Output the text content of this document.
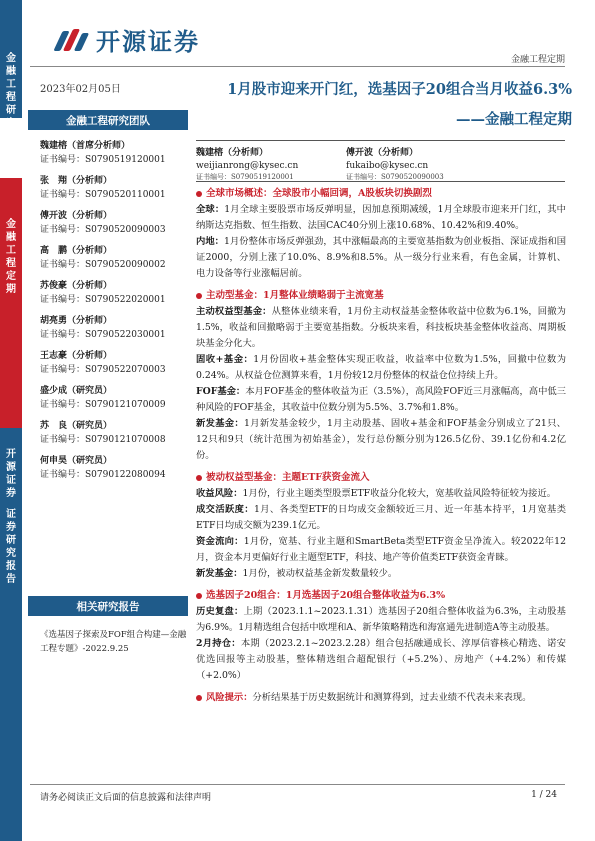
金
融
工
程
研
金
融
工
程
定
期
开
源
证
券
证
券
研
究
报
告
开源证券
金融工程定期
2023年02月05日
金融工程研究团队
魏建榕（首席分析师）
证书编号：S0790519120001
张　翔（分析师）
证书编号：S0790520110001
傅开波（分析师）
证书编号：S0790520090003
高　鹏（分析师）
证书编号：S0790520090002
苏俊豪（分析师）
证书编号：S0790522020001
胡亮勇（分析师）
证书编号：S0790522030001
王志豪（分析师）
证书编号：S0790522070003
盛少成（研究员）
证书编号：S0790121070009
苏　良（研究员）
证书编号：S0790121070008
何申昊（研究员）
证书编号：S0790122080094
相关研究报告
《选基因子探索及FOF组合构建—金融工程专题》-2022.9.25
1月股市迎来开门红，选基因子20组合当月收益6.3%
——金融工程定期
魏建榕（分析师）
weijianrong@kysec.cn
证书编号：S0790519120001
傅开波（分析师）
fukaibo@kysec.cn
证书编号：S0790520090003
全球市场概述：全球股市小幅回调，A股板块切换剧烈
全球：1月全球主要股票市场反弹明显，因加息预期减缓，1月全球股市迎来开门红，其中纳斯达克指数、恒生指数、法国CAC40分别上涨10.68%、10.42%和9.40%。
内地：1月份整体市场反弹强劲，其中涨幅最高的主要宽基指数为创业板指、深证成指和国证2000，分别上涨了10.0%、8.9%和8.5%。从一级分行业来看，有色金属，计算机、电力设备等行业涨幅居前。
主动型基金：1月整体业绩略弱于主流宽基
主动权益型基金：从整体业绩来看，1月份主动权益基金整体收益中位数为6.1%，回撤为1.5%，收益和回撤略弱于主要宽基指数。分板块来看，科技板块基金整体收益高、周期板块基金分化大。
固收+基金：1月份固收+基金整体实现正收益，收益率中位数为1.5%，回撤中位数为0.24%。从权益仓位测算来看，1月份较12月份整体的权益仓位持续上升。
FOF基金：本月FOF基金的整体收益为正（3.5%），高风险FOF近三月涨幅高，高中低三种风险的FOF基金，其收益中位数分别为5.5%、3.7%和1.8%。
新发基金：1月新发基金较少，1月主动股基、固收+基金和FOF基金分别成立了21只、12只和9只（统计范围为初始基金），发行总份额分别为126.5亿份、39.1亿份和4.2亿份。
被动权益型基金：主题ETF获资金流入
收益风险：1月份，行业主题类型股票ETF收益分化较大，宽基收益风险特征较为接近。
成交活跃度：1月、各类型ETF的日均成交金额较近三月、近一年基本持平，1月宽基类ETF日均成交额为239.1亿元。
资金流向：1月份，宽基、行业主题和SmartBeta类型ETF资金呈净流入。较2022年12月，资金本月更偏好行业主题型ETF，科技、地产等价值类ETF获资金青睐。
新发基金：1月份，被动权益基金新发数量较少。
选基因子20组合：1月选基因子20组合整体收益为6.3%
历史复盘：上期（2023.1.1~2023.1.31）选基因子20组合整体收益为6.3%，主动股基为6.9%。1月精选组合包括中欧埋和A、新华策略精选和海富通先进制造A等主动股基。
2月持仓：本期（2023.2.1~2023.2.28）组合包括融通成长、淳厚信睿核心精选、诺安优选回报等主动股基，整体精选组合超配银行（+5.2%）、房地产（+4.2%）和传媒（+2.0%）
风险提示：分析结果基于历史数据统计和测算得到，过去业绩不代表未来表现。
请务必阅读正文后面的信息披露和法律声明	1 / 24
